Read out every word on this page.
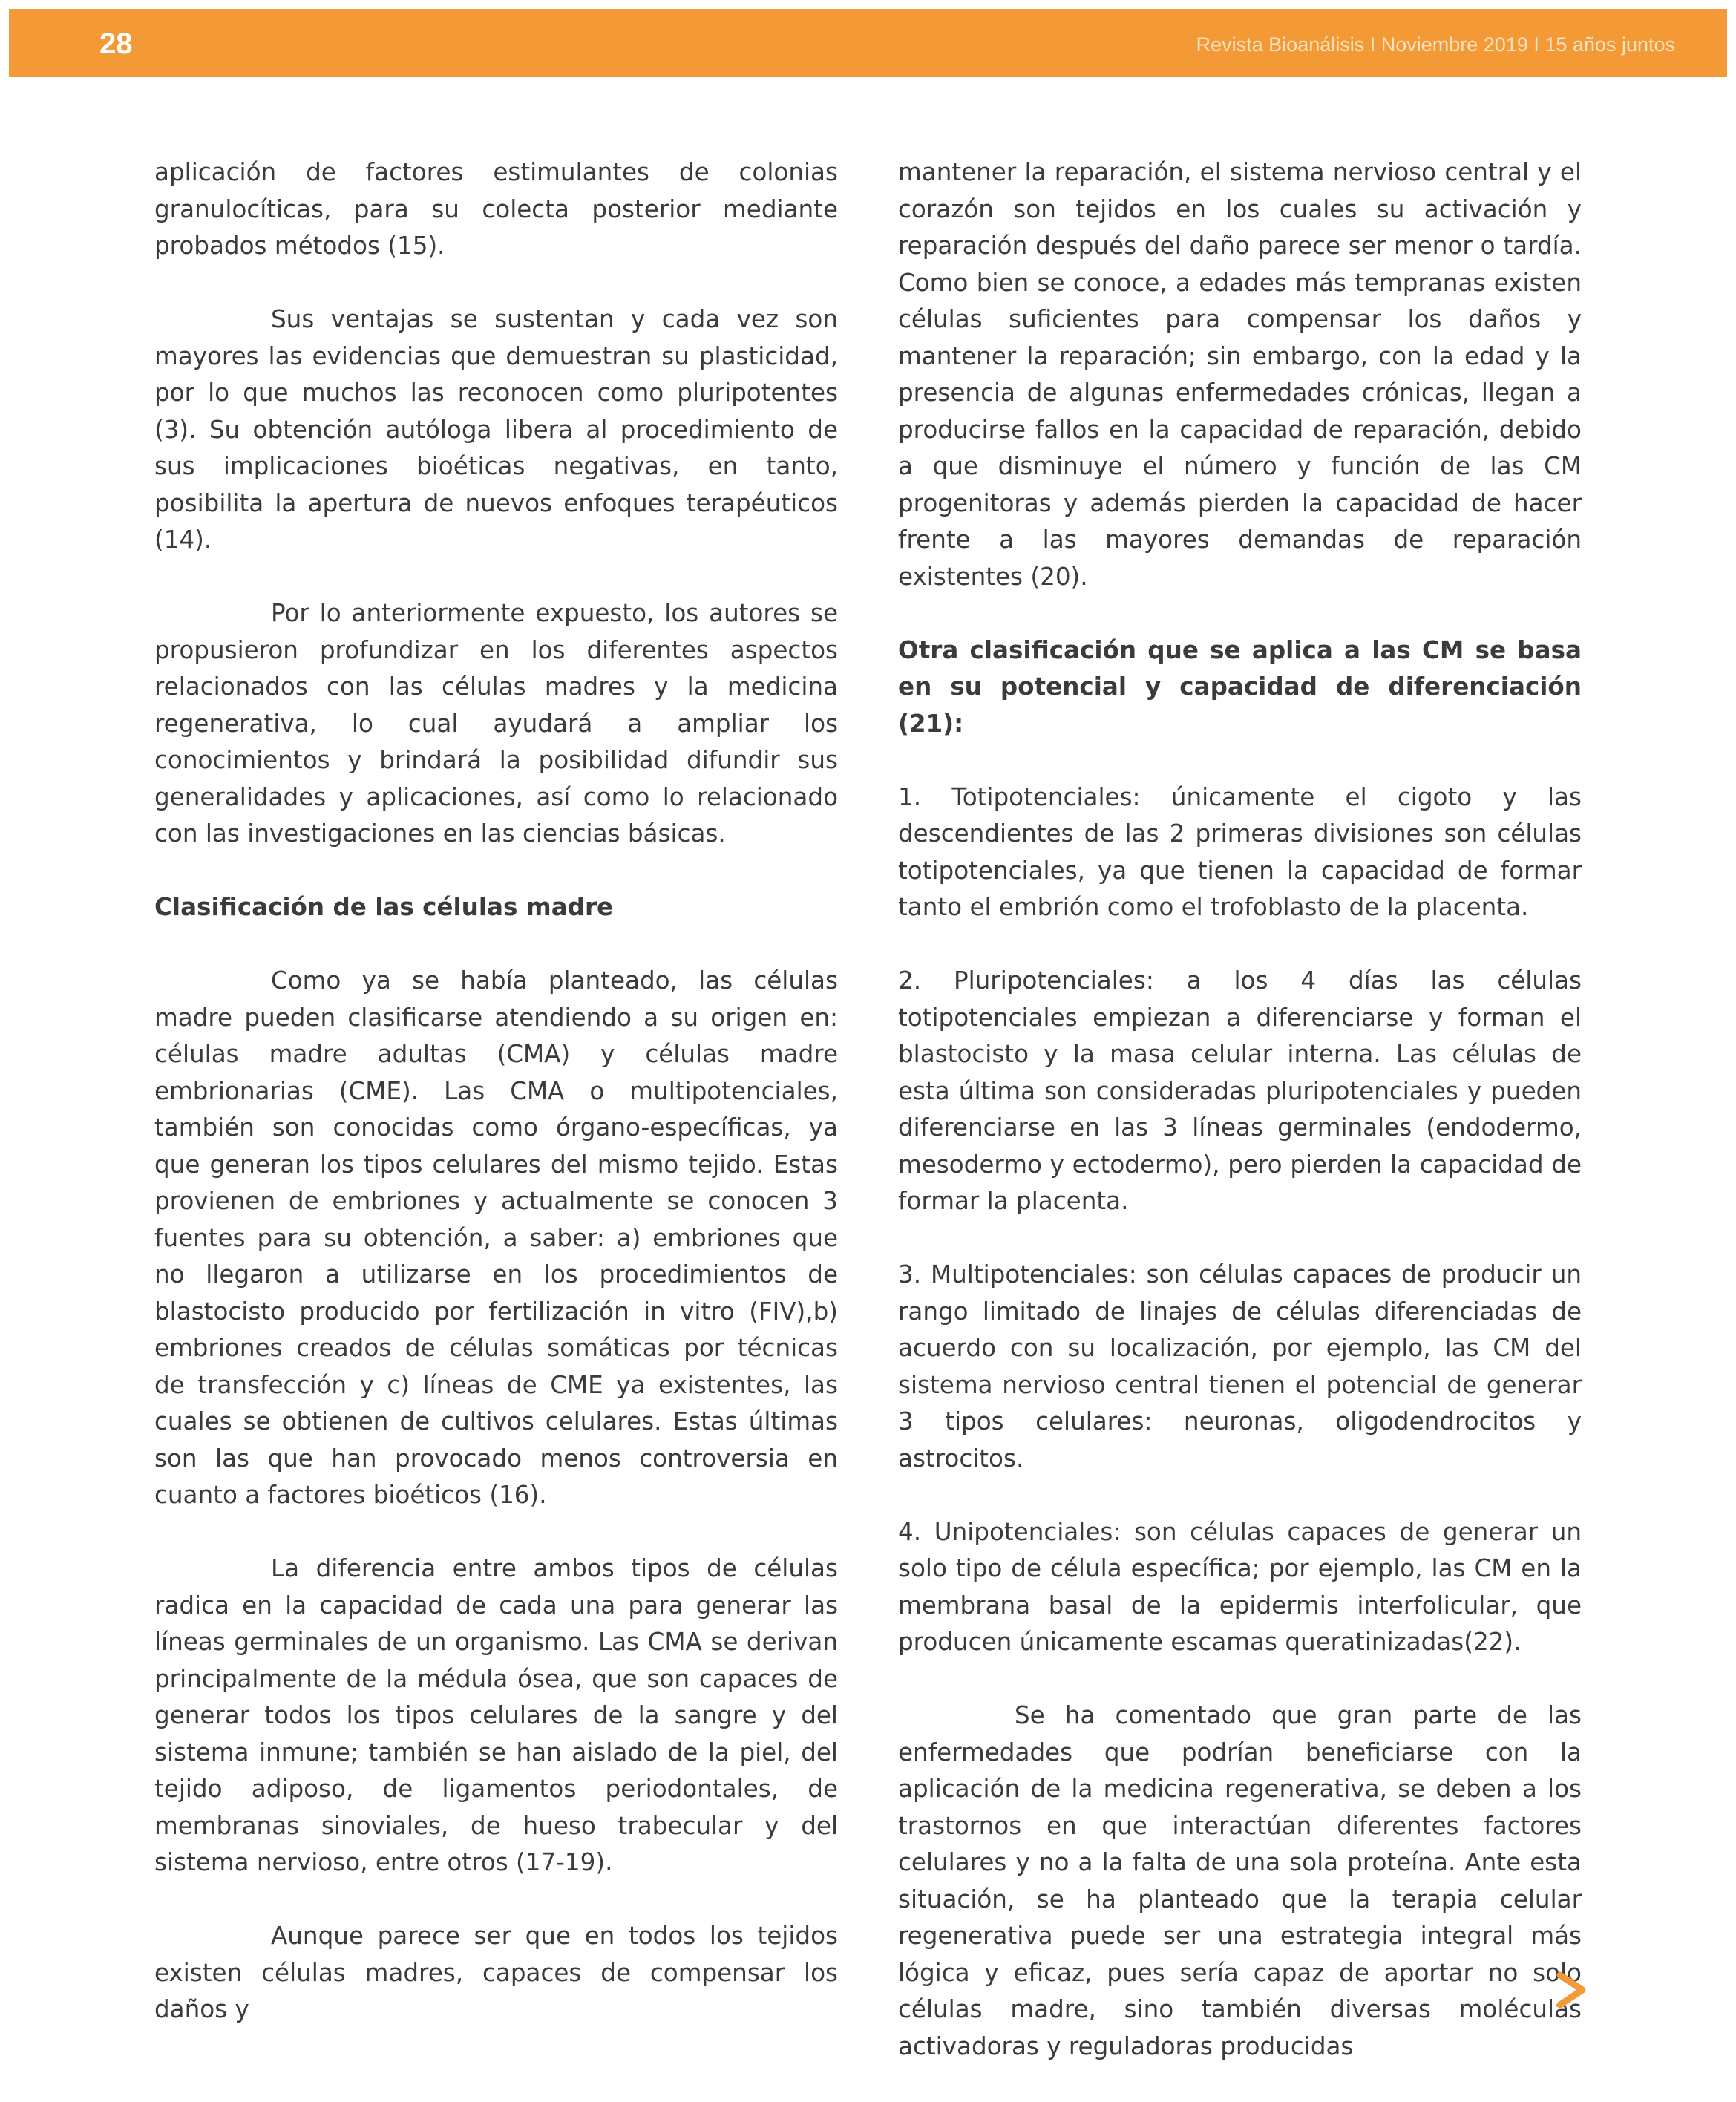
28	Revista Bioanálisis I Noviembre 2019 I 15 años juntos

aplicación de factores estimulantes de colonias granulocíticas, para su colecta posterior mediante probados métodos (15).

Sus ventajas se sustentan y cada vez son mayores las evidencias que demuestran su plasticidad, por lo que muchos las reconocen como pluripotentes (3). Su obtención autóloga libera al procedimiento de sus implicaciones bioéticas negativas, en tanto, posibilita la apertura de nuevos enfoques terapéuticos (14).

Por lo anteriormente expuesto, los autores se propusieron profundizar en los diferentes aspectos relacionados con las células madres y la medicina regenerativa, lo cual ayudará a ampliar los conocimientos y brindará la posibilidad difundir sus generalidades y aplicaciones, así como lo relacionado con las investigaciones en las ciencias básicas.

Clasificación de las células madre

Como ya se había planteado, las células madre pueden clasificarse atendiendo a su origen en: células madre adultas (CMA) y células madre embrionarias (CME). Las CMA o multipotenciales, también son conocidas como órgano-específicas, ya que generan los tipos celulares del mismo tejido. Estas provienen de embriones y actualmente se conocen 3 fuentes para su obtención, a saber: a) embriones que no llegaron a utilizarse en los procedimientos de blastocisto producido por fertilización in vitro (FIV),b) embriones creados de células somáticas por técnicas de transfección y c) líneas de CME ya existentes, las cuales se obtienen de cultivos celulares. Estas últimas son las que han provocado menos controversia en cuanto a factores bioéticos (16).

La diferencia entre ambos tipos de células radica en la capacidad de cada una para generar las líneas germinales de un organismo. Las CMA se derivan principalmente de la médula ósea, que son capaces de generar todos los tipos celulares de la sangre y del sistema inmune; también se han aislado de la piel, del tejido adiposo, de ligamentos periodontales, de membranas sinoviales, de hueso trabecular y del sistema nervioso, entre otros (17-19).

Aunque parece ser que en todos los tejidos existen células madres, capaces de compensar los daños y

mantener la reparación, el sistema nervioso central y el corazón son tejidos en los cuales su activación y reparación después del daño parece ser menor o tardía. Como bien se conoce, a edades más tempranas existen células suficientes para compensar los daños y mantener la reparación; sin embargo, con la edad y la presencia de algunas enfermedades crónicas, llegan a producirse fallos en la capacidad de reparación, debido a que disminuye el número y función de las CM progenitoras y además pierden la capacidad de hacer frente a las mayores demandas de reparación existentes (20).

Otra clasificación que se aplica a las CM se basa en su potencial y capacidad de diferenciación (21):

1. Totipotenciales: únicamente el cigoto y las descendientes de las 2 primeras divisiones son células totipotenciales, ya que tienen la capacidad de formar tanto el embrión como el trofoblasto de la placenta.

2. Pluripotenciales: a los 4 días las células totipotenciales empiezan a diferenciarse y forman el blastocisto y la masa celular interna. Las células de esta última son consideradas pluripotenciales y pueden diferenciarse en las 3 líneas germinales (endodermo, mesodermo y ectodermo), pero pierden la capacidad de formar la placenta.

3. Multipotenciales: son células capaces de producir un rango limitado de linajes de células diferenciadas de acuerdo con su localización, por ejemplo, las CM del sistema nervioso central tienen el potencial de generar 3 tipos celulares: neuronas, oligodendrocitos y astrocitos.

4. Unipotenciales: son células capaces de generar un solo tipo de célula específica; por ejemplo, las CM en la membrana basal de la epidermis interfolicular, que producen únicamente escamas queratinizadas(22).

Se ha comentado que gran parte de las enfermedades que podrían beneficiarse con la aplicación de la medicina regenerativa, se deben a los trastornos en que interactúan diferentes factores celulares y no a la falta de una sola proteína. Ante esta situación, se ha planteado que la terapia celular regenerativa puede ser una estrategia integral más lógica y eficaz, pues sería capaz de aportar no solo células madre, sino también diversas moléculas activadoras y reguladoras producidas
